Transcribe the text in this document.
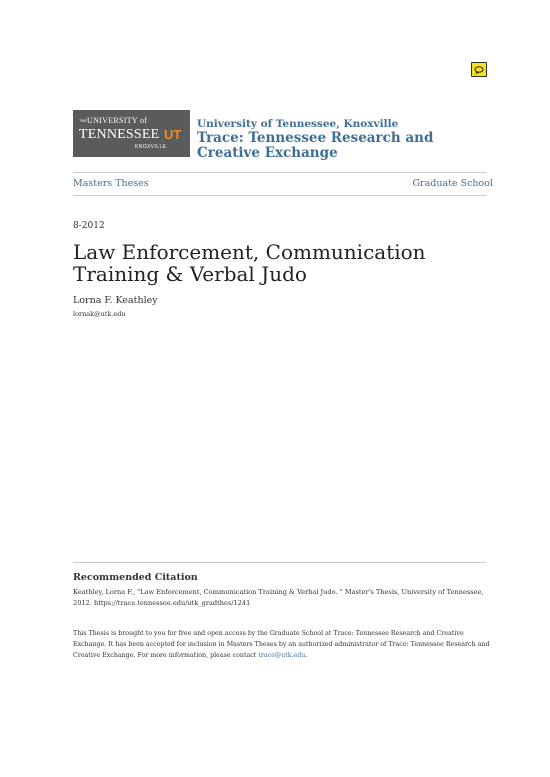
THE UNIVERSITY of
TENNESSEE UT
KNOXVILLE
University of Tennessee, Knoxville
Trace: Tennessee Research and Creative Exchange
Masters Theses	Graduate School
8-2012
Law Enforcement, Communication Training & Verbal Judo
Lorna F. Keathley
lornak@utk.edu
Recommended Citation
Keathley, Lorna F., "Law Enforcement, Communication Training & Verbal Judo. " Master's Thesis, University of Tennessee, 2012. https://trace.tennessee.edu/utk_gradthes/1241
This Thesis is brought to you for free and open access by the Graduate School at Trace: Tennessee Research and Creative Exchange. It has been accepted for inclusion in Masters Theses by an authorized administrator of Trace: Tennessee Research and Creative Exchange. For more information, please contact trace@utk.edu.
